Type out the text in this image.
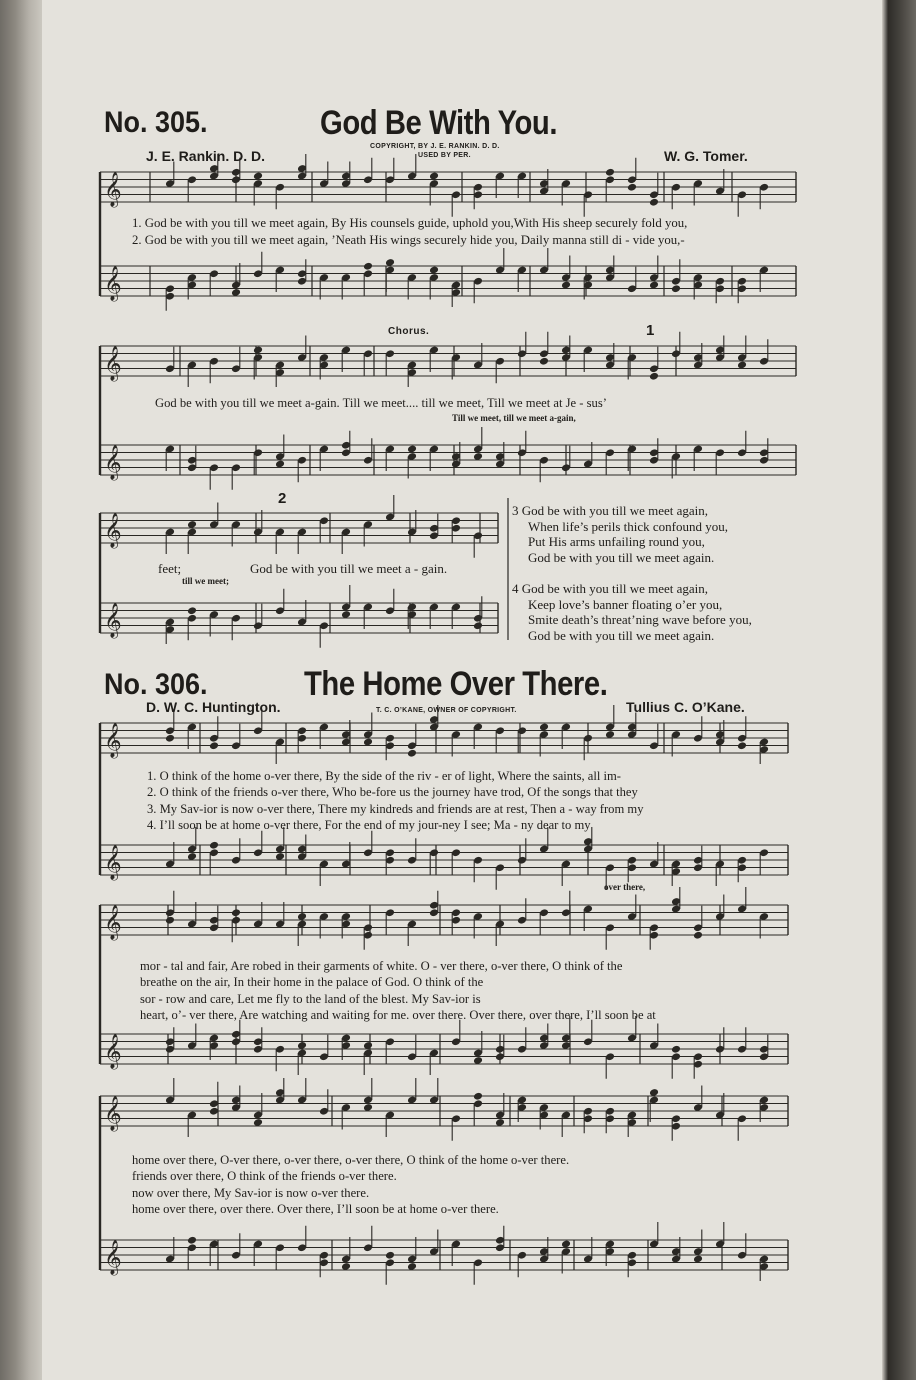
𝄞
𝄞
𝄞
𝄞
𝄞
𝄞
𝄞
𝄞
𝄞
𝄞
𝄞
𝄞
No. 305.	God Be With You.
J. E. Rankin. D. D.	W. G. Tomer.
COPYRIGHT, BY J. E. RANKIN. D. D.
USED BY PER.
1. God be with you till we meet again, By His counsels guide, uphold you,With His sheep securely fold you,
2. God be with you till we meet again, ’Neath His wings securely hide you, Daily manna still di - vide you,-
Chorus.
God be with you till we meet a-gain. Till we meet.... till we meet, Till we meet at Je - sus’
Till we meet, till we meet a-gain,
feet;	God be with you till we meet a - gain.
till we meet;
2
1
3 God be with you till we meet again,
When life’s perils thick confound you,
Put His arms unfailing round you,
God be with you till we meet again.
4 God be with you till we meet again,
Keep love’s banner floating o’er you,
Smite death’s threat’ning wave before you,
God be with you till we meet again.
No. 306.	The Home Over There.
D. W. C. Huntington.	T. C. O’KANE, OWNER OF COPYRIGHT.	Tullius C. O’Kane.
1. O think of the home o-ver there, By the side of the riv - er of light, Where the saints, all im-
2. O think of the friends o-ver there, Who be-fore us the journey have trod, Of the songs that they
3. My Sav-ior is now o-ver there, There my kindreds and friends are at rest, Then a - way from my
4. I’ll soon be at home o-ver there, For the end of my jour-ney I see; Ma - ny dear to my
over there,
mor - tal and fair, Are robed in their garments of white. O - ver there, o-ver there, O think of the
breathe on the air, In their home in the palace of God. O think of the
sor - row and care, Let me fly to the land of the blest. My Sav-ior is
heart, o’- ver there, Are watching and waiting for me. over there. Over there, over there, I’ll soon be at
home over there, O-ver there, o-ver there, o-ver there, O think of the home o-ver there.
friends over there, O think of the friends o-ver there.
now over there, My Sav-ior is now o-ver there.
home over there, over there. Over there, I’ll soon be at home o-ver there.
